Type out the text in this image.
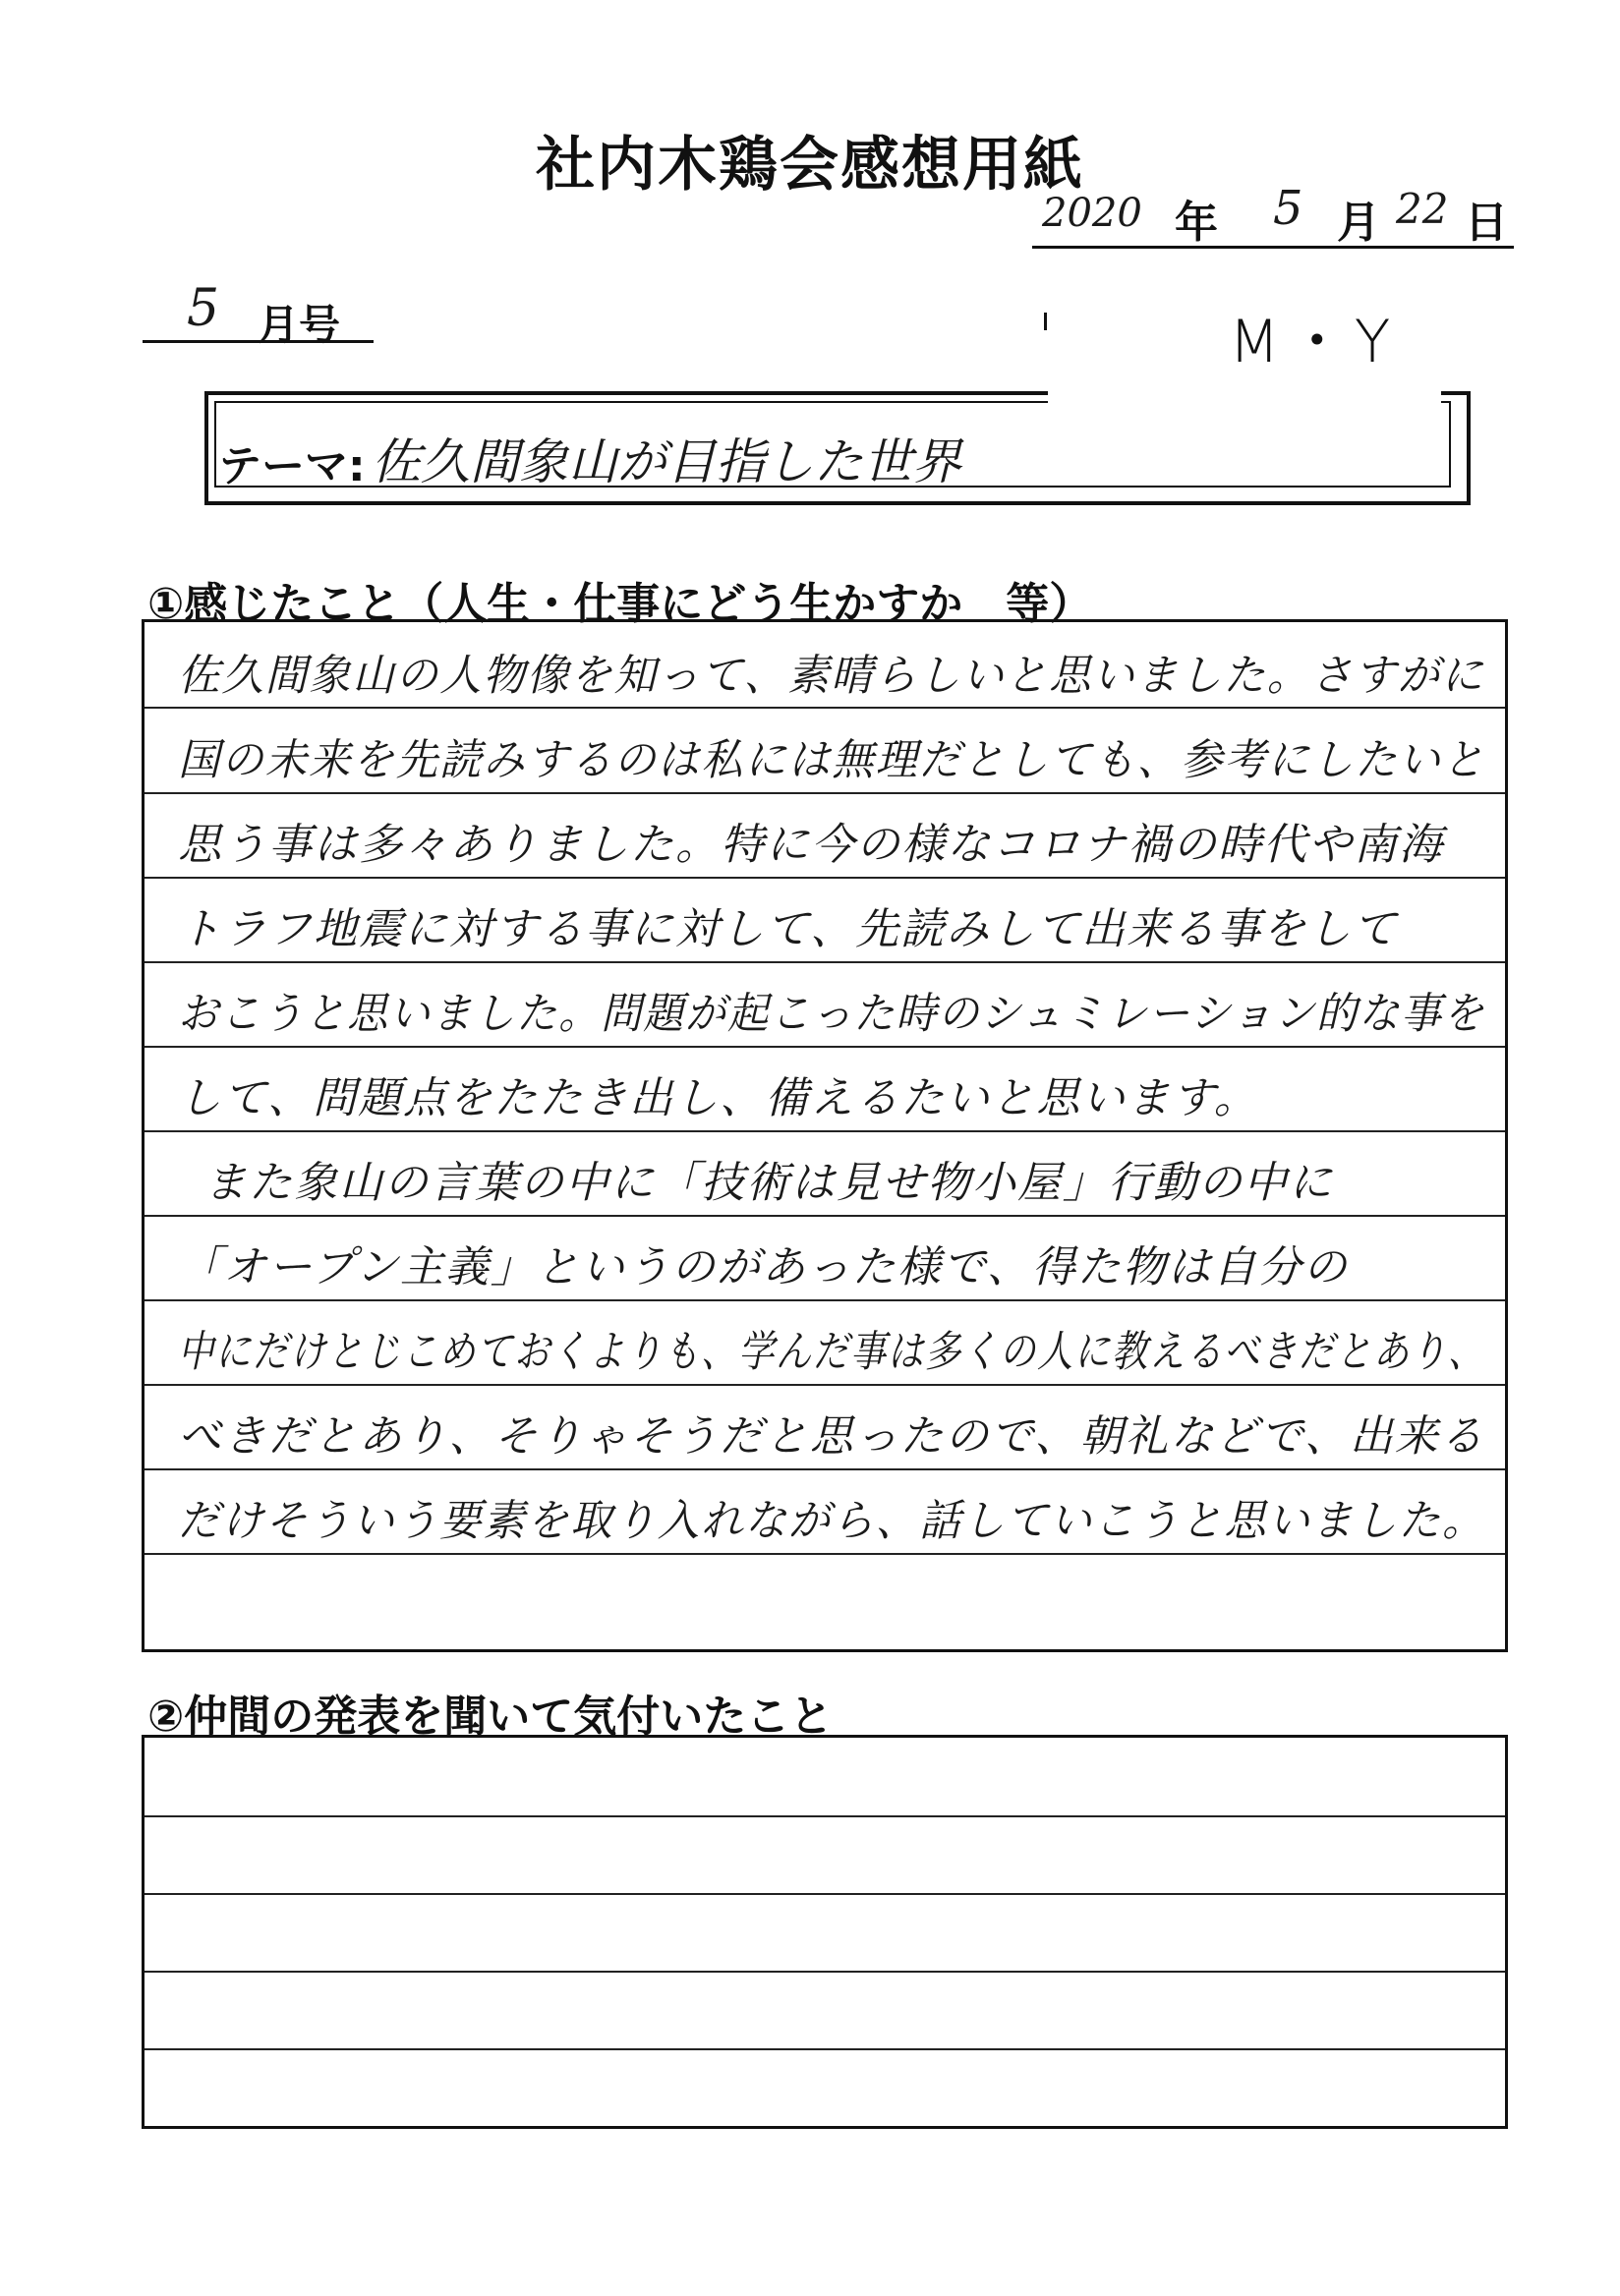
社内木鶏会感想用紙
2020 年 5 月 22 日
5 月号	M・Y
テーマ: 佐久間象山が目指した世界
①感じたこと（人生・仕事にどう生かすか　等）
佐久間象山の人物像を知って、素晴らしいと思いました。さすがに
国の未来を先読みするのは私には無理だとしても、参考にしたいと
思う事は多々ありました。特に今の様なコロナ禍の時代や南海
トラフ地震に対する事に対して、先読みして出来る事をして
おこうと思いました。問題が起こった時のシュミレーション的な事を
して、問題点をたたき出し、備えるたいと思います。
また象山の言葉の中に「技術は見せ物小屋」行動の中に
「オープン主義」というのがあった様で、得た物は自分の
中にだけとじこめておくよりも、学んだ事は多くの人に教えるべきだとあり、
べきだとあり、そりゃそうだと思ったので、朝礼などで、出来る
だけそういう要素を取り入れながら、話していこうと思いました。
②仲間の発表を聞いて気付いたこと
